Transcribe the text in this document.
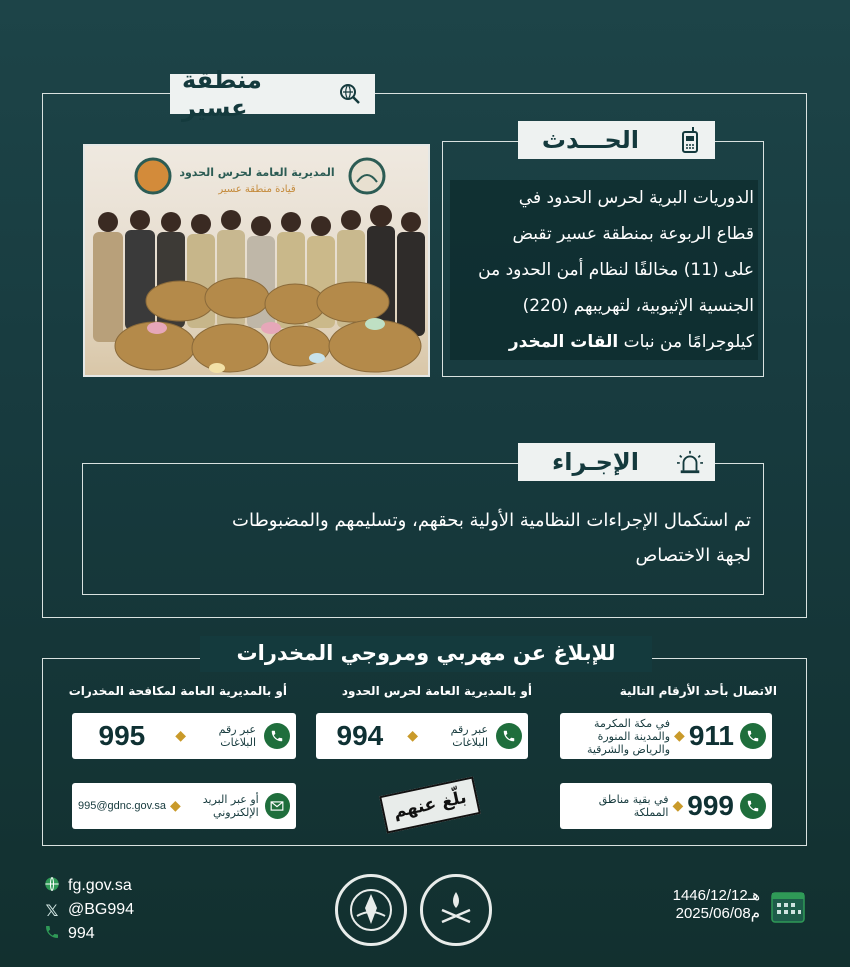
منطقة عسير
الحـــدث
الدوريات البرية لحرس الحدود في
قطاع الربوعة بمنطقة عسير تقبض
على (11) مخالفًا لنظام أمن الحدود من
الجنسية الإثيوبية، لتهريبهم (220)
كيلوجرامًا من نبات القات المخدر
المديرية العامة لحرس الحدود
قيادة منطقة عسير
الإجـراء
تم استكمال الإجراءات النظامية الأولية بحقهم، وتسليمهم والمضبوطات
لجهة الاختصاص
للإبلاغ عن مهربي ومروجي المخدرات
الاتصال بأحد الأرقام التالية
أو بالمديرية العامة لحرس الحدود
أو بالمديرية العامة لمكافحة المخدرات
911
◆
في مكة المكرمة والمدينة المنورة والرياض والشرقية
999
◆
في بقية مناطق المملكة
عبر رقم البلاغات
◆
994
عبر رقم البلاغات
◆
995
أو عبر البريد الإلكتروني
◆
995@gdnc.gov.sa	بلّغ عنهم
fg.gov.sa
𝕏 @BG994
994
1446/12/12هـ
2025/06/08م
